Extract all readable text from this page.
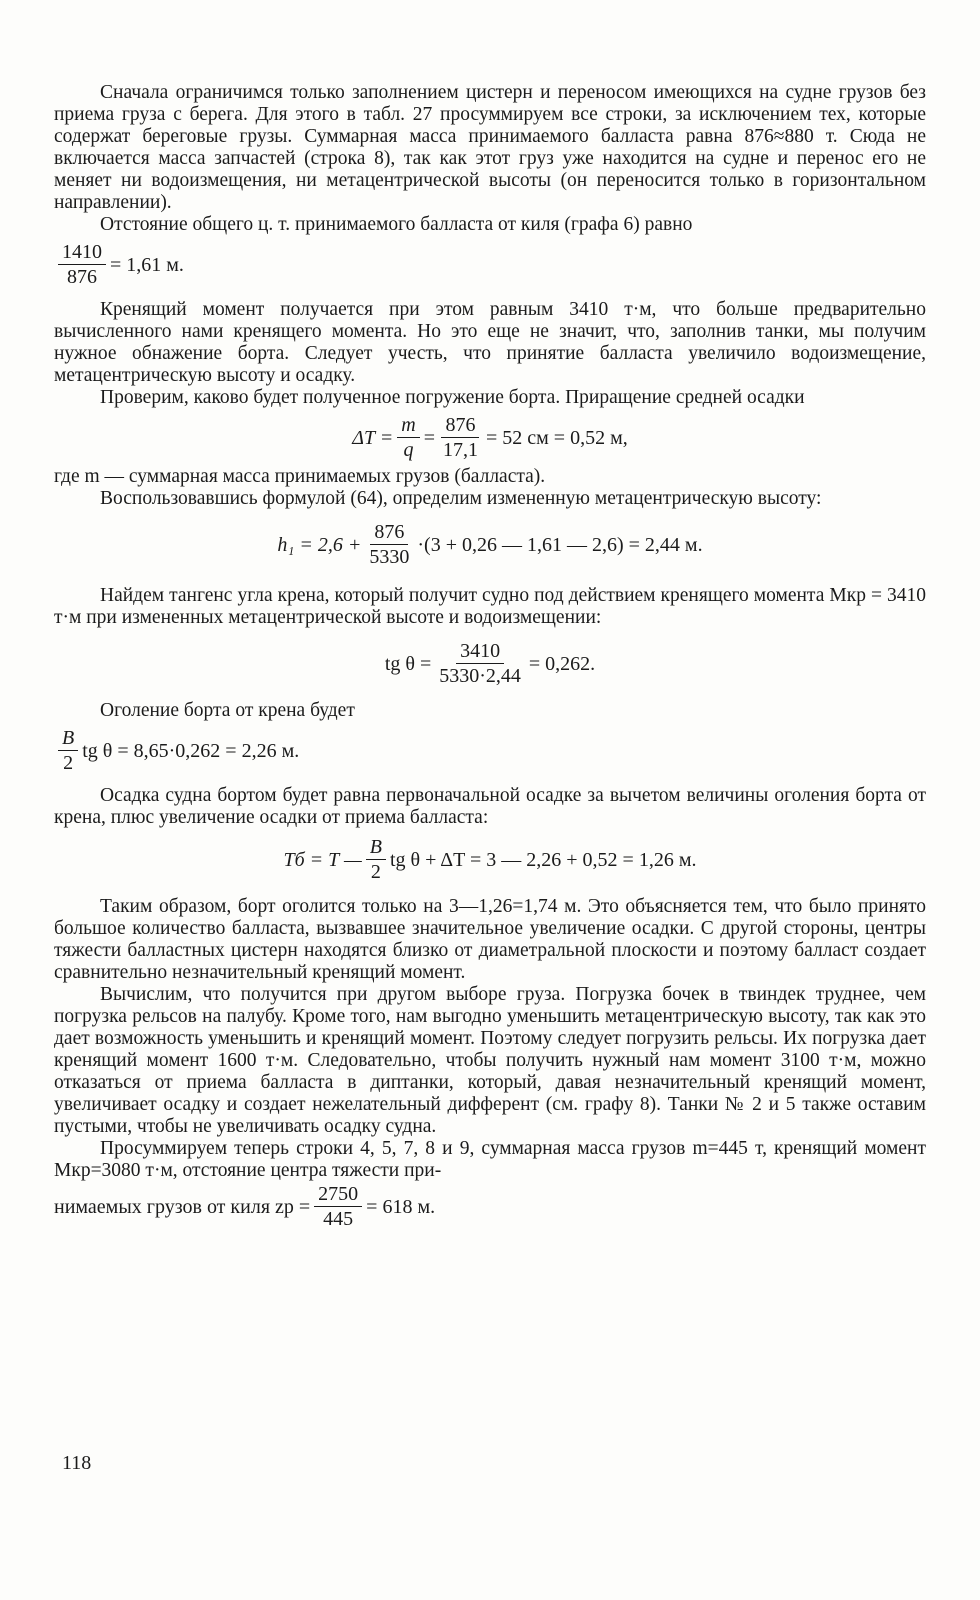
Сначала ограничимся только заполнением цистерн и переносом имеющихся на судне грузов без приема груза с берега. Для этого в табл. 27 просуммируем все строки, за исключением тех, которые содержат береговые грузы. Суммарная масса принимаемого балласта равна 876≈880 т. Сюда не включается масса запчастей (строка 8), так как этот груз уже находится на судне и перенос его не меняет ни водоизмещения, ни метацентрической высоты (он переносится только в горизонтальном направлении).

Отстояние общего ц. т. принимаемого балласта от киля (графа 6) равно

$\frac{1410}{876} = 1,61$ м.

Кренящий момент получается при этом равным 3410 т·м, что больше предварительно вычисленного нами кренящего момента. Но это еще не значит, что, заполнив танки, мы получим нужное обнажение борта. Следует учесть, что принятие балласта увеличило водоизмещение, метацентрическую высоту и осадку.

Проверим, каково будет полученное погружение борта. Приращение средней осадки

$\Delta T = \frac{m}{q} = \frac{876}{17,1} = 52$ см = 0,52 м,

где m — суммарная масса принимаемых грузов (балласта).

Воспользовавшись формулой (64), определим измененную метацентрическую высоту:

$h_1 = 2,6 + \frac{876}{5330} \cdot(3 + 0,26$ — 1,61 — 2,6) = 2,44 м.

Найдем тангенс угла крена, который получит судно под действием кренящего момента Mкр = 3410 т·м при измененных метацентрической высоте и водоизмещении:

tg $\theta = \frac{3410}{5330\cdot 2,44} = 0,262$.

Оголение борта от крена будет

$\frac{B}{2}$ tg θ = 8,65·0,262 = 2,26 м.

Осадка судна бортом будет равна первоначальной осадке за вычетом величины оголения борта от крена, плюс увеличение осадки от приема балласта:

Tб = T — $\frac{B}{2}$ tg θ + ΔT = 3 — 2,26 + 0,52 = 1,26 м.

Таким образом, борт оголится только на 3—1,26=1,74 м. Это объясняется тем, что было принято большое количество балласта, вызвавшее значительное увеличение осадки. С другой стороны, центры тяжести балластных цистерн находятся близко от диаметральной плоскости и поэтому балласт создает сравнительно незначительный кренящий момент.

Вычислим, что получится при другом выборе груза. Погрузка бочек в твиндек труднее, чем погрузка рельсов на палубу. Кроме того, нам выгодно уменьшить метацентрическую высоту, так как это дает возможность уменьшить и кренящий момент. Поэтому следует погрузить рельсы. Их погрузка дает кренящий момент 1600 т·м. Следовательно, чтобы получить нужный нам момент 3100 т·м, можно отказаться от приема балласта в диптанки, который, давая незначительный кренящий момент, увеличивает осадку и создает нежелательный дифферент (см. графу 8). Танки № 2 и 5 также оставим пустыми, чтобы не увеличивать осадку судна.

Просуммируем теперь строки 4, 5, 7, 8 и 9, суммарная масса грузов m=445 т, кренящий момент Mкр=3080 т·м, отстояние центра тяжести при-

нимаемых грузов от киля zр = $\frac{2750}{445} = 618$ м.
118
